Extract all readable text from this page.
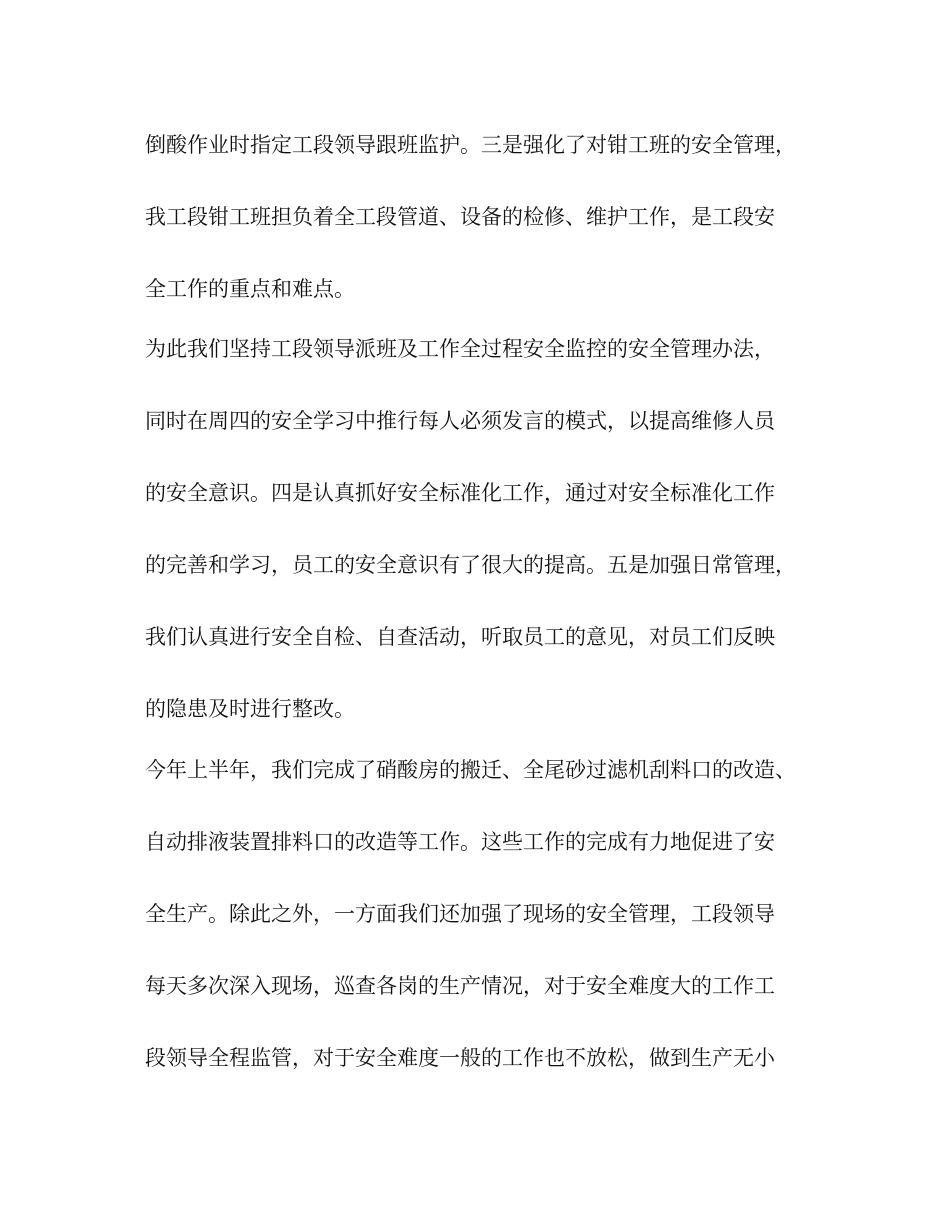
倒酸作业时指定工段领导跟班监护。三是强化了对钳工班的安全管理，
我工段钳工班担负着全工段管道、设备的检修、维护工作，是工段安
全工作的重点和难点。
为此我们坚持工段领导派班及工作全过程安全监控的安全管理办法，
同时在周四的安全学习中推行每人必须发言的模式，以提高维修人员
的安全意识。四是认真抓好安全标准化工作，通过对安全标准化工作
的完善和学习，员工的安全意识有了很大的提高。五是加强日常管理，
我们认真进行安全自检、自查活动，听取员工的意见，对员工们反映
的隐患及时进行整改。
今年上半年，我们完成了硝酸房的搬迁、全尾砂过滤机刮料口的改造、
自动排液装置排料口的改造等工作。这些工作的完成有力地促进了安
全生产。除此之外，一方面我们还加强了现场的安全管理，工段领导
每天多次深入现场，巡查各岗的生产情况，对于安全难度大的工作工
段领导全程监管，对于安全难度一般的工作也不放松，做到生产无小
